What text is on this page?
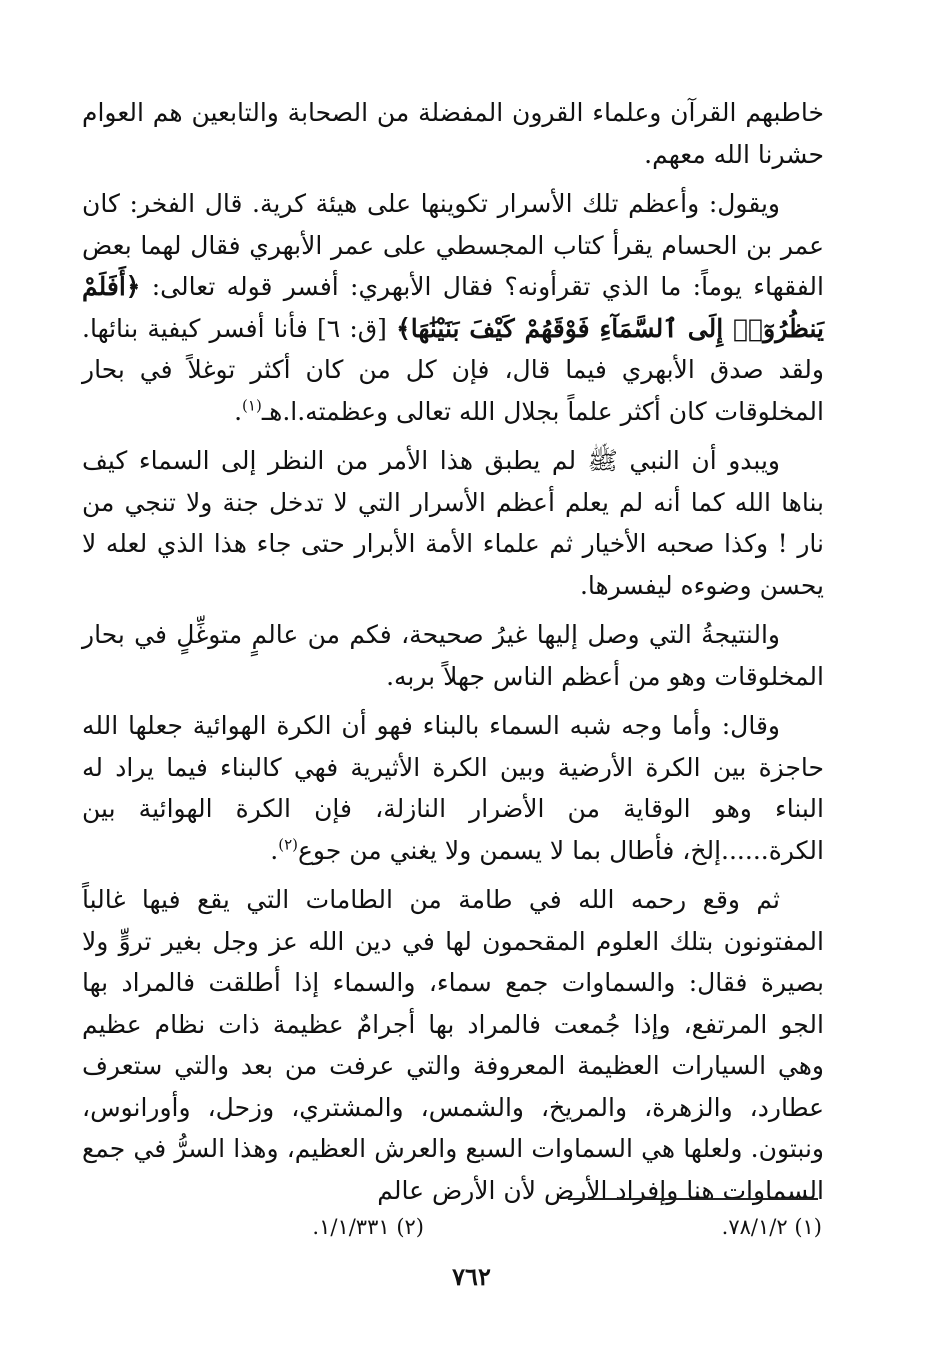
خاطبهم القرآن وعلماء القرون المفضلة من الصحابة والتابعين هم العوام حشرنا الله معهم.

ويقول: وأعظم تلك الأسرار تكوينها على هيئة كرية. قال الفخر: كان عمر بن الحسام يقرأ كتاب المجسطي على عمر الأبهري فقال لهما بعض الفقهاء يوماً: ما الذي تقرأونه؟ فقال الأبهري: أفسر قوله تعالى: ﴿أَفَلَمْ يَنظُرُوٓا۟ إِلَى ٱلسَّمَآءِ فَوْقَهُمْ كَيْفَ بَنَيْنَٰهَا﴾ [ق: ٦] فأنا أفسر كيفية بنائها. ولقد صدق الأبهري فيما قال، فإن كل من كان أكثر توغلاً في بحار المخلوقات كان أكثر علماً بجلال الله تعالى وعظمته.ا.هـ$^{(١)}$.

ويبدو أن النبي ﷺ لم يطبق هذا الأمر من النظر إلى السماء كيف بناها الله كما أنه لم يعلم أعظم الأسرار التي لا تدخل جنة ولا تنجي من نار ! وكذا صحبه الأخيار ثم علماء الأمة الأبرار حتى جاء هذا الذي لعله لا يحسن وضوءه ليفسرها.

والنتيجةُ التي وصل إليها غيرُ صحيحة، فكم من عالمٍ متوغِّلٍ في بحار المخلوقات وهو من أعظم الناس جهلاً بربه.

وقال: وأما وجه شبه السماء بالبناء فهو أن الكرة الهوائية جعلها الله حاجزة بين الكرة الأرضية وبين الكرة الأثيرية فهي كالبناء فيما يراد له البناء وهو الوقاية من الأضرار النازلة، فإن الكرة الهوائية بين الكرة......إلخ، فأطال بما لا يسمن ولا يغني من جوع$^{(٢)}$.

ثم وقع رحمه الله في طامة من الطامات التي يقع فيها غالباً المفتونون بتلك العلوم المقحمون لها في دين الله عز وجل بغير تروٍّ ولا بصيرة فقال: والسماوات جمع سماء، والسماء إذا أطلقت فالمراد بها الجو المرتفع، وإذا جُمعت فالمراد بها أجرامٌ عظيمة ذات نظام عظيم وهي السيارات العظيمة المعروفة والتي عرفت من بعد والتي ستعرف عطارد، والزهرة، والمريخ، والشمس، والمشتري، وزحل، وأورانوس، ونبتون. ولعلها هي السماوات السبع والعرش العظيم، وهذا السرُّ في جمع السماوات هنا وإفراد الأرض لأن الأرض عالم

(١) ٧٨/١/٢.
(٢) ١/١/٣٣١.
٧٦٢
